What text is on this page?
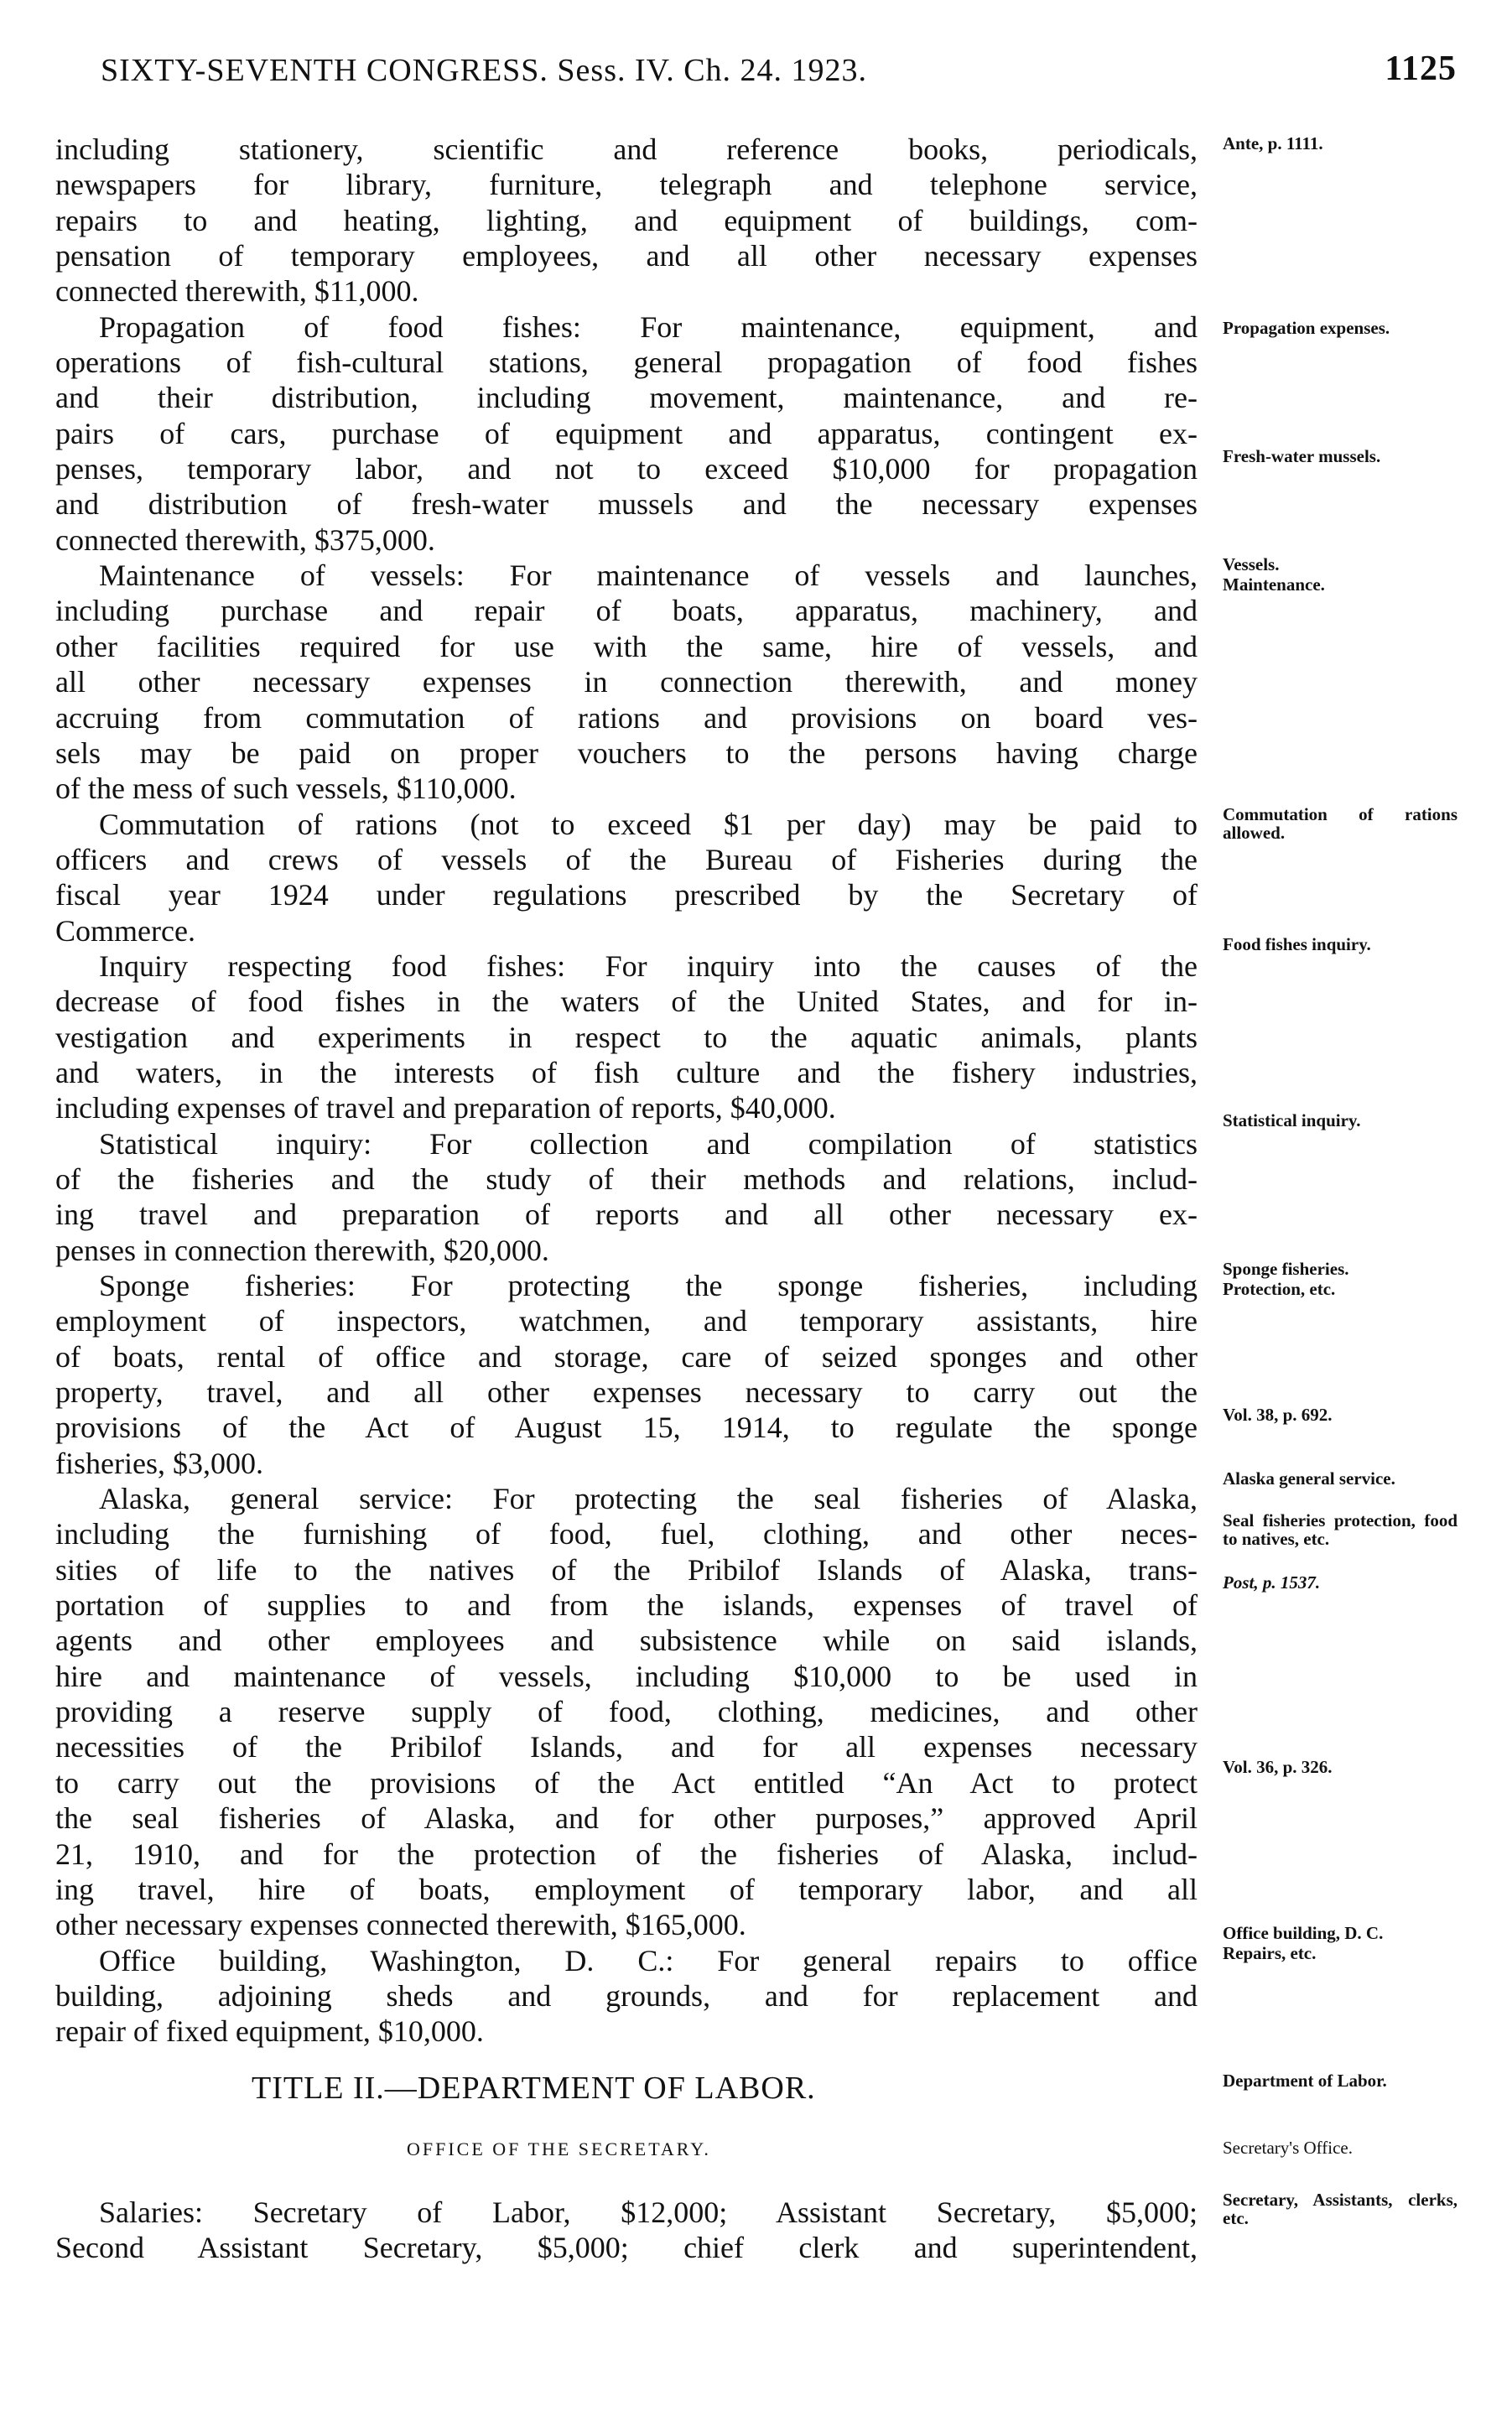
SIXTY-SEVENTH CONGRESS. Sess. IV. Ch. 24. 1923.	1125
including stationery, scientific and reference books, periodicals,
newspapers for library, furniture, telegraph and telephone service,
repairs to and heating, lighting, and equipment of buildings, com-
pensation of temporary employees, and all other necessary expenses
connected therewith, $11,000.
Propagation of food fishes: For maintenance, equipment, and
operations of fish-cultural stations, general propagation of food fishes
and their distribution, including movement, maintenance, and re-
pairs of cars, purchase of equipment and apparatus, contingent ex-
penses, temporary labor, and not to exceed $10,000 for propagation
and distribution of fresh-water mussels and the necessary expenses
connected therewith, $375,000.
Maintenance of vessels: For maintenance of vessels and launches,
including purchase and repair of boats, apparatus, machinery, and
other facilities required for use with the same, hire of vessels, and
all other necessary expenses in connection therewith, and money
accruing from commutation of rations and provisions on board ves-
sels may be paid on proper vouchers to the persons having charge
of the mess of such vessels, $110,000.
Commutation of rations (not to exceed $1 per day) may be paid to
officers and crews of vessels of the Bureau of Fisheries during the
fiscal year 1924 under regulations prescribed by the Secretary of
Commerce.
Inquiry respecting food fishes: For inquiry into the causes of the
decrease of food fishes in the waters of the United States, and for in-
vestigation and experiments in respect to the aquatic animals, plants
and waters, in the interests of fish culture and the fishery industries,
including expenses of travel and preparation of reports, $40,000.
Statistical inquiry: For collection and compilation of statistics
of the fisheries and the study of their methods and relations, includ-
ing travel and preparation of reports and all other necessary ex-
penses in connection therewith, $20,000.
Sponge fisheries: For protecting the sponge fisheries, including
employment of inspectors, watchmen, and temporary assistants, hire
of boats, rental of office and storage, care of seized sponges and other
property, travel, and all other expenses necessary to carry out the
provisions of the Act of August 15, 1914, to regulate the sponge
fisheries, $3,000.
Alaska, general service: For protecting the seal fisheries of Alaska,
including the furnishing of food, fuel, clothing, and other neces-
sities of life to the natives of the Pribilof Islands of Alaska, trans-
portation of supplies to and from the islands, expenses of travel of
agents and other employees and subsistence while on said islands,
hire and maintenance of vessels, including $10,000 to be used in
providing a reserve supply of food, clothing, medicines, and other
necessities of the Pribilof Islands, and for all expenses necessary
to carry out the provisions of the Act entitled “An Act to protect
the seal fisheries of Alaska, and for other purposes,” approved April
21, 1910, and for the protection of the fisheries of Alaska, includ-
ing travel, hire of boats, employment of temporary labor, and all
other necessary expenses connected therewith, $165,000.
Office building, Washington, D. C.: For general repairs to office
building, adjoining sheds and grounds, and for replacement and
repair of fixed equipment, $10,000.
Ante, p. 1111.
Propagation expenses.
Fresh-water mussels.
Vessels.
Maintenance.
Commutation of rations allowed.
Food fishes inquiry.
Statistical inquiry.
Sponge fisheries.
Protection, etc.
Vol. 38, p. 692.
Alaska general service.
Seal fisheries protection, food to natives, etc.
Post, p. 1537.
Vol. 36, p. 326.
Office building, D. C.
Repairs, etc.
Department of Labor.
Secretary's Office.
Secretary, Assistants, clerks, etc.
TITLE II.—DEPARTMENT OF LABOR.
OFFICE OF THE SECRETARY.
Salaries: Secretary of Labor, $12,000; Assistant Secretary, $5,000;
Second Assistant Secretary, $5,000; chief clerk and superintendent,
